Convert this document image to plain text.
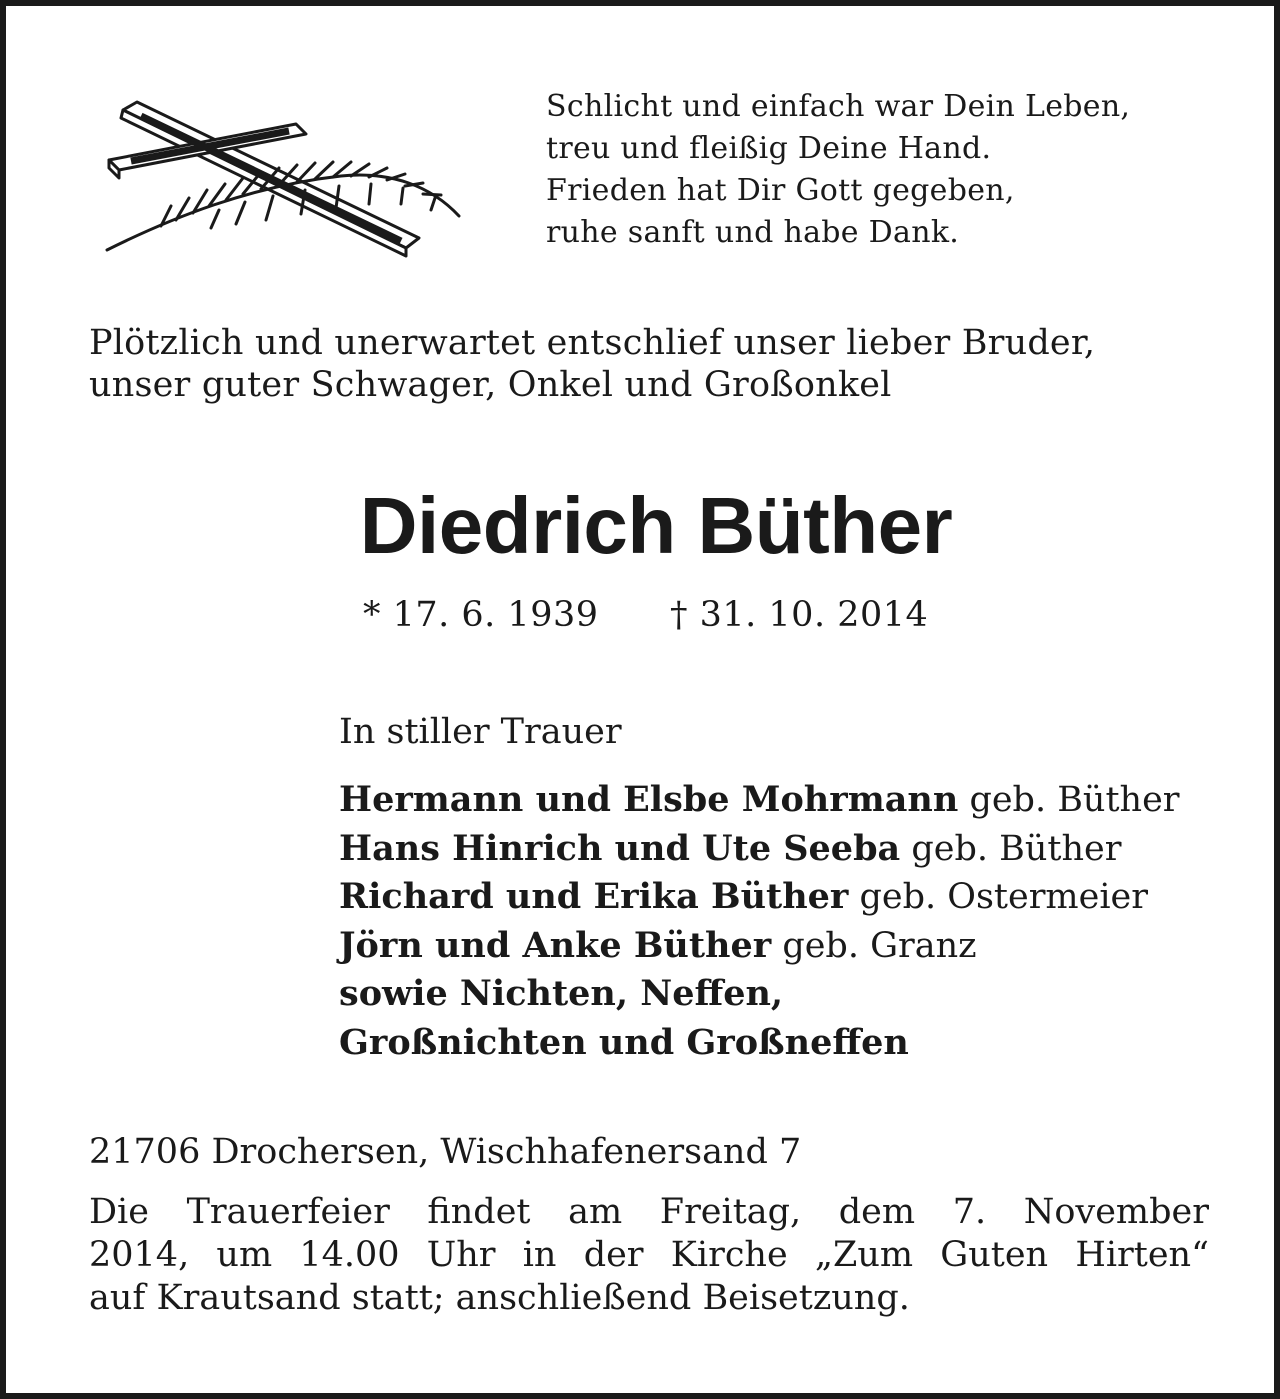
Schlicht und einfach war Dein Leben,
treu und fleißig Deine Hand.
Frieden hat Dir Gott gegeben,
ruhe sanft und habe Dank.
Plötzlich und unerwartet entschlief unser lieber Bruder,
unser guter Schwager, Onkel und Großonkel
Diedrich Büther
* 17. 6. 1939 † 31. 10. 2014
In stiller Trauer
Hermann und Elsbe Mohrmann geb. Büther
Hans Hinrich und Ute Seeba geb. Büther
Richard und Erika Büther geb. Ostermeier
Jörn und Anke Büther geb. Granz
sowie Nichten, Neffen,
Großnichten und Großneffen
21706 Drochersen, Wischhafenersand 7
Die Trauerfeier findet am Freitag, dem 7. November
2014, um 14.00 Uhr in der Kirche „Zum Guten Hirten“
auf Krautsand statt; anschließend Beisetzung.
